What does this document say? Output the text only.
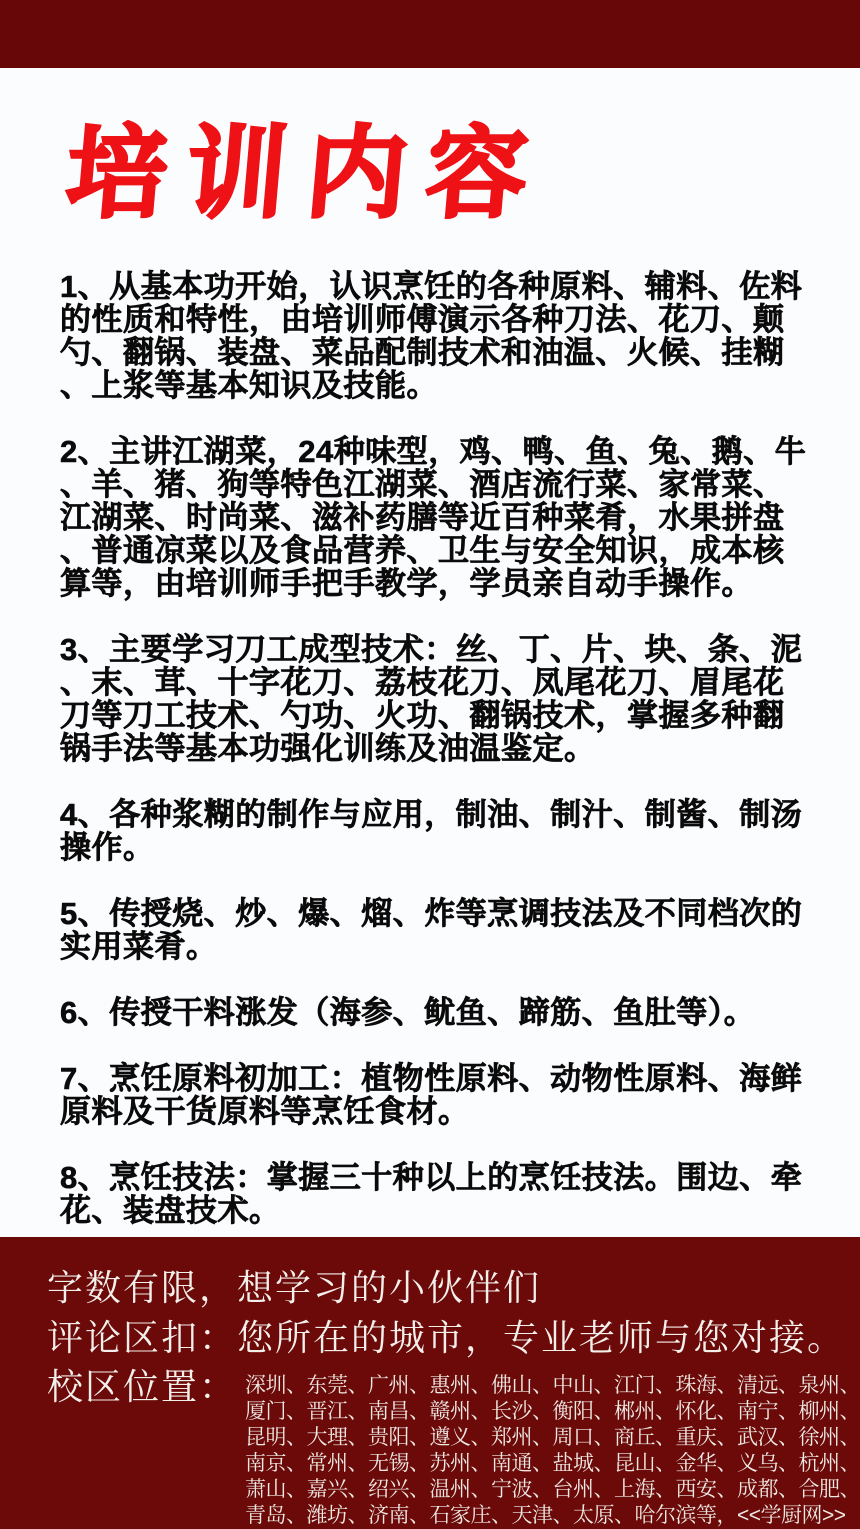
培训内容
1、从基本功开始，认识烹饪的各种原料、辅料、佐料
的性质和特性，由培训师傅演示各种刀法、花刀、颠
勺、翻锅、装盘、菜品配制技术和油温、火候、挂糊
、上浆等基本知识及技能。
2、主讲江湖菜，24种味型，鸡、鸭、鱼、兔、鹅、牛
、羊、猪、狗等特色江湖菜、酒店流行菜、家常菜、
江湖菜、时尚菜、滋补药膳等近百种菜肴，水果拼盘
、普通凉菜以及食品营养、卫生与安全知识，成本核
算等，由培训师手把手教学，学员亲自动手操作。
3、主要学习刀工成型技术：丝、丁、片、块、条、泥
、末、茸、十字花刀、荔枝花刀、凤尾花刀、眉尾花
刀等刀工技术、勺功、火功、翻锅技术，掌握多种翻
锅手法等基本功强化训练及油温鉴定。
4、各种浆糊的制作与应用，制油、制汁、制酱、制汤
操作。
5、传授烧、炒、爆、熘、炸等烹调技法及不同档次的
实用菜肴。
6、传授干料涨发（海参、鱿鱼、蹄筋、鱼肚等）。
7、烹饪原料初加工：植物性原料、动物性原料、海鲜
原料及干货原料等烹饪食材。
8、烹饪技法：掌握三十种以上的烹饪技法。围边、牵
花、装盘技术。
字数有限，想学习的小伙伴们
评论区扣：您所在的城市，专业老师与您对接。
校区位置： 深圳、东莞、广州、惠州、佛山、中山、江门、珠海、清远、泉州、
厦门、晋江、南昌、赣州、长沙、衡阳、郴州、怀化、南宁、柳州、
昆明、大理、贵阳、遵义、郑州、周口、商丘、重庆、武汉、徐州、
南京、常州、无锡、苏州、南通、盐城、昆山、金华、义乌、杭州、
萧山、嘉兴、绍兴、温州、宁波、台州、上海、西安、成都、合肥、
青岛、潍坊、济南、石家庄、天津、太原、哈尔滨等，<<学厨网>>
